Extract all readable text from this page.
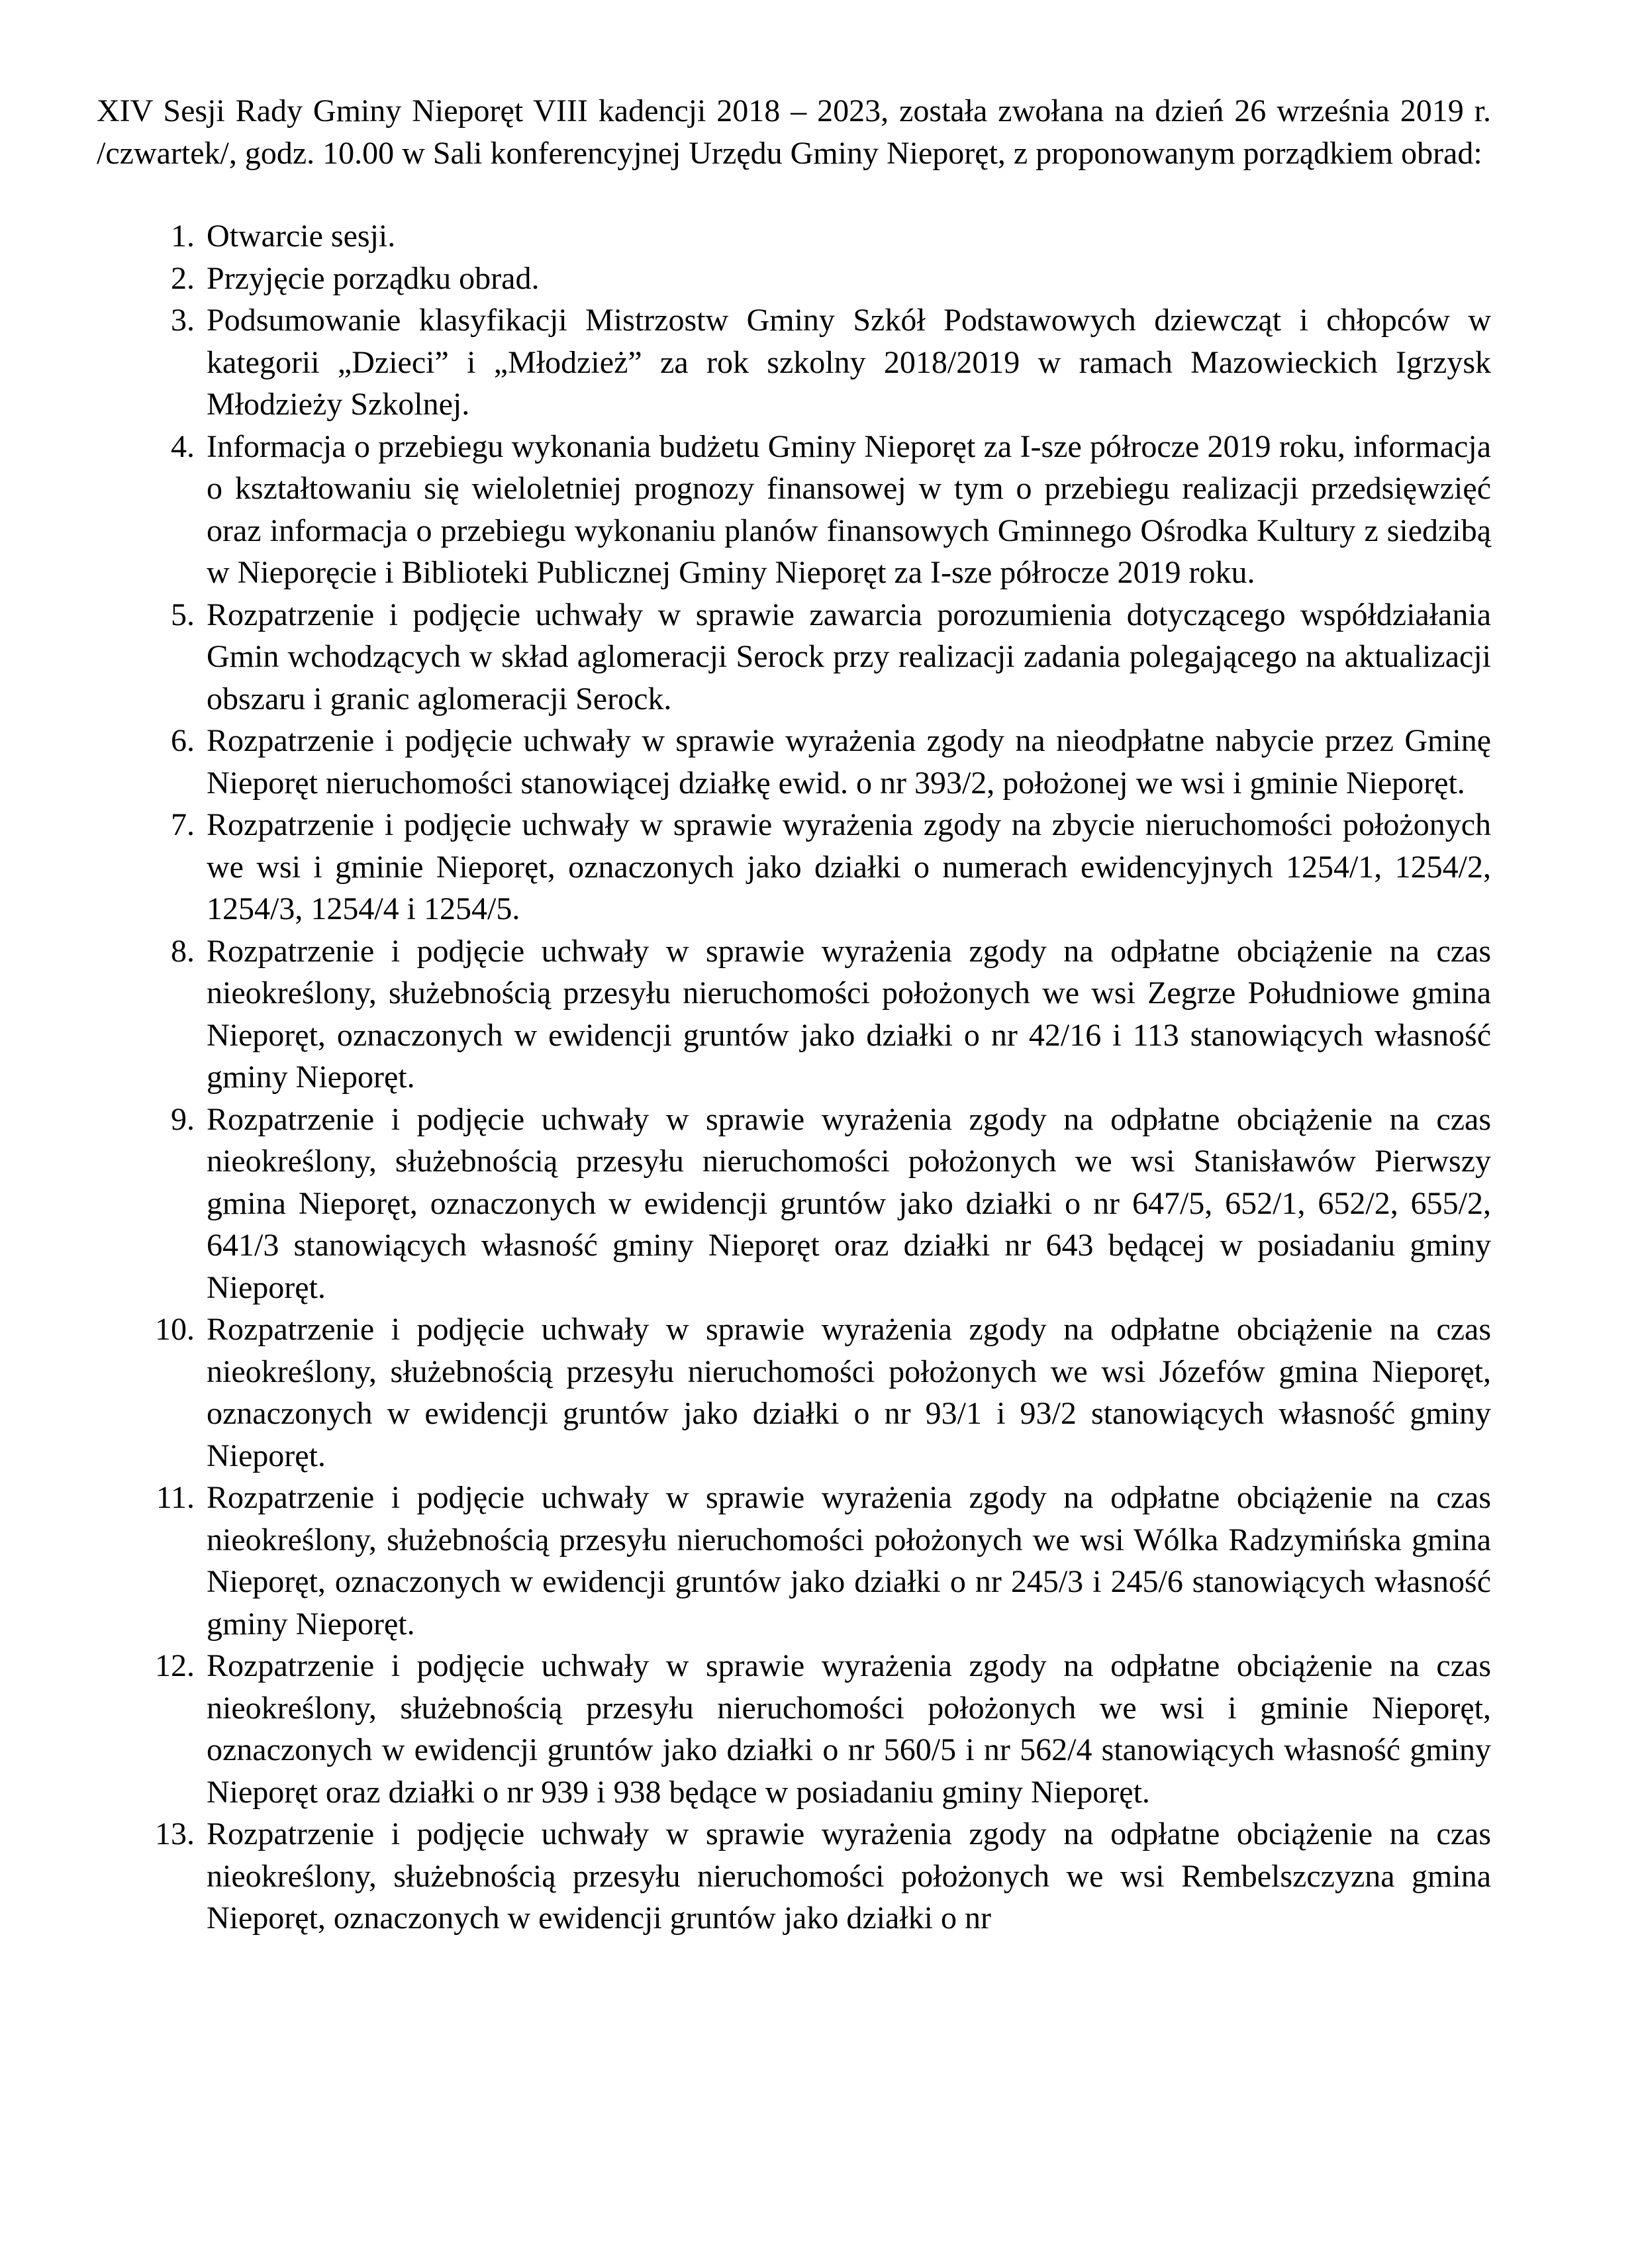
XIV Sesji Rady Gminy Nieporęt VIII kadencji 2018 – 2023, została zwołana na dzień 26 września 2019 r. /czwartek/, godz. 10.00 w Sali konferencyjnej Urzędu Gminy Nieporęt, z proponowanym porządkiem obrad:

1. Otwarcie sesji.
2. Przyjęcie porządku obrad.
3. Podsumowanie klasyfikacji Mistrzostw Gminy Szkół Podstawowych dziewcząt i chłopców w kategorii „Dzieci” i „Młodzież” za rok szkolny 2018/2019 w ramach Mazowieckich Igrzysk Młodzieży Szkolnej.
4. Informacja o przebiegu wykonania budżetu Gminy Nieporęt za I-sze półrocze 2019 roku, informacja o kształtowaniu się wieloletniej prognozy finansowej w tym o przebiegu realizacji przedsięwzięć oraz informacja o przebiegu wykonaniu planów finansowych Gminnego Ośrodka Kultury z siedzibą w Nieporęcie i Biblioteki Publicznej Gminy Nieporęt za I-sze półrocze 2019 roku.
5. Rozpatrzenie i podjęcie uchwały w sprawie zawarcia porozumienia dotyczącego współdziałania Gmin wchodzących w skład aglomeracji Serock przy realizacji zadania polegającego na aktualizacji obszaru i granic aglomeracji Serock.
6. Rozpatrzenie i podjęcie uchwały w sprawie wyrażenia zgody na nieodpłatne nabycie przez Gminę Nieporęt nieruchomości stanowiącej działkę ewid. o nr 393/2, położonej we wsi i gminie Nieporęt.
7. Rozpatrzenie i podjęcie uchwały w sprawie wyrażenia zgody na zbycie nieruchomości położonych we wsi i gminie Nieporęt, oznaczonych jako działki o numerach ewidencyjnych 1254/1, 1254/2, 1254/3, 1254/4 i 1254/5.
8. Rozpatrzenie i podjęcie uchwały w sprawie wyrażenia zgody na odpłatne obciążenie na czas nieokreślony, służebnością przesyłu nieruchomości położonych we wsi Zegrze Południowe gmina Nieporęt, oznaczonych w ewidencji gruntów jako działki o nr 42/16 i 113 stanowiących własność gminy Nieporęt.
9. Rozpatrzenie i podjęcie uchwały w sprawie wyrażenia zgody na odpłatne obciążenie na czas nieokreślony, służebnością przesyłu nieruchomości położonych we wsi Stanisławów Pierwszy gmina Nieporęt, oznaczonych w ewidencji gruntów jako działki o nr 647/5, 652/1, 652/2, 655/2, 641/3 stanowiących własność gminy Nieporęt oraz działki nr 643 będącej w posiadaniu gminy Nieporęt.
10. Rozpatrzenie i podjęcie uchwały w sprawie wyrażenia zgody na odpłatne obciążenie na czas nieokreślony, służebnością przesyłu nieruchomości położonych we wsi Józefów gmina Nieporęt, oznaczonych w ewidencji gruntów jako działki o nr 93/1 i 93/2 stanowiących własność gminy Nieporęt.
11. Rozpatrzenie i podjęcie uchwały w sprawie wyrażenia zgody na odpłatne obciążenie na czas nieokreślony, służebnością przesyłu nieruchomości położonych we wsi Wólka Radzymińska gmina Nieporęt, oznaczonych w ewidencji gruntów jako działki o nr 245/3 i 245/6 stanowiących własność gminy Nieporęt.
12. Rozpatrzenie i podjęcie uchwały w sprawie wyrażenia zgody na odpłatne obciążenie na czas nieokreślony, służebnością przesyłu nieruchomości położonych we wsi i gminie Nieporęt, oznaczonych w ewidencji gruntów jako działki o nr 560/5 i nr 562/4 stanowiących własność gminy Nieporęt oraz działki o nr 939 i 938 będące w posiadaniu gminy Nieporęt.
13. Rozpatrzenie i podjęcie uchwały w sprawie wyrażenia zgody na odpłatne obciążenie na czas nieokreślony, służebnością przesyłu nieruchomości położonych we wsi Rembelszczyzna gmina Nieporęt, oznaczonych w ewidencji gruntów jako działki o nr
